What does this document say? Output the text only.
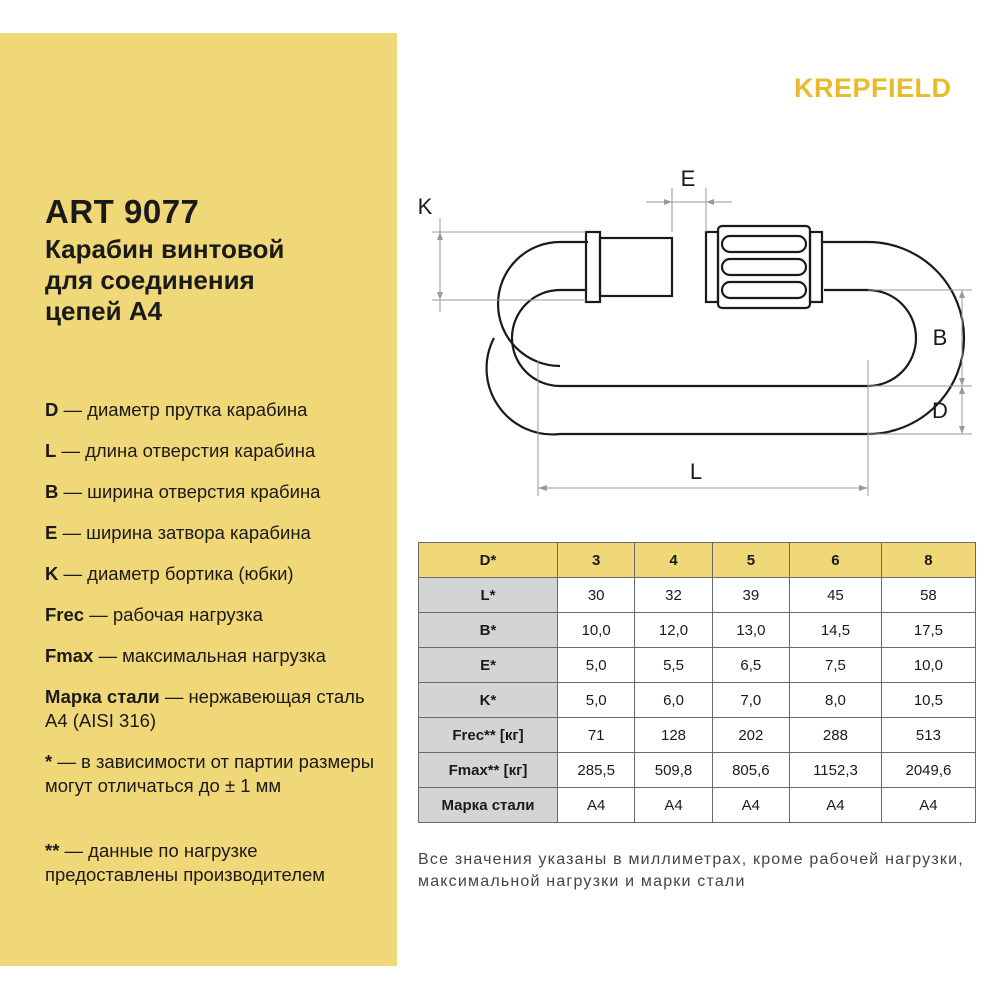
KREPFIELD
ART 9077
Карабин винтовой
для соединения
цепей А4
D — диаметр прутка карабина
L — длина отверстия карабина
B — ширина отверстия крабина
E — ширина затвора карабина
K — диаметр бортика (юбки)
Frec — рабочая нагрузка
Fmax — максимальная нагрузка
Марка стали — нержавеющая сталь А4 (AISI 316)
* — в зависимости от партии размеры могут отличаться до ± 1 мм
** — данные по нагрузке предоставлены производителем
E
K
B
D
L
D*	3	4	5	6	8
L*	30	32	39	45	58
B*	10,0	12,0	13,0	14,5	17,5
E*	5,0	5,5	6,5	7,5	10,0
K*	5,0	6,0	7,0	8,0	10,5
Frec** [кг]	71	128	202	288	513
Fmax** [кг]	285,5	509,8	805,6	1152,3	2049,6
Марка стали	А4	А4	А4	А4	А4
Все значения указаны в миллиметрах, кроме рабочей нагрузки, максимальной нагрузки и марки стали
